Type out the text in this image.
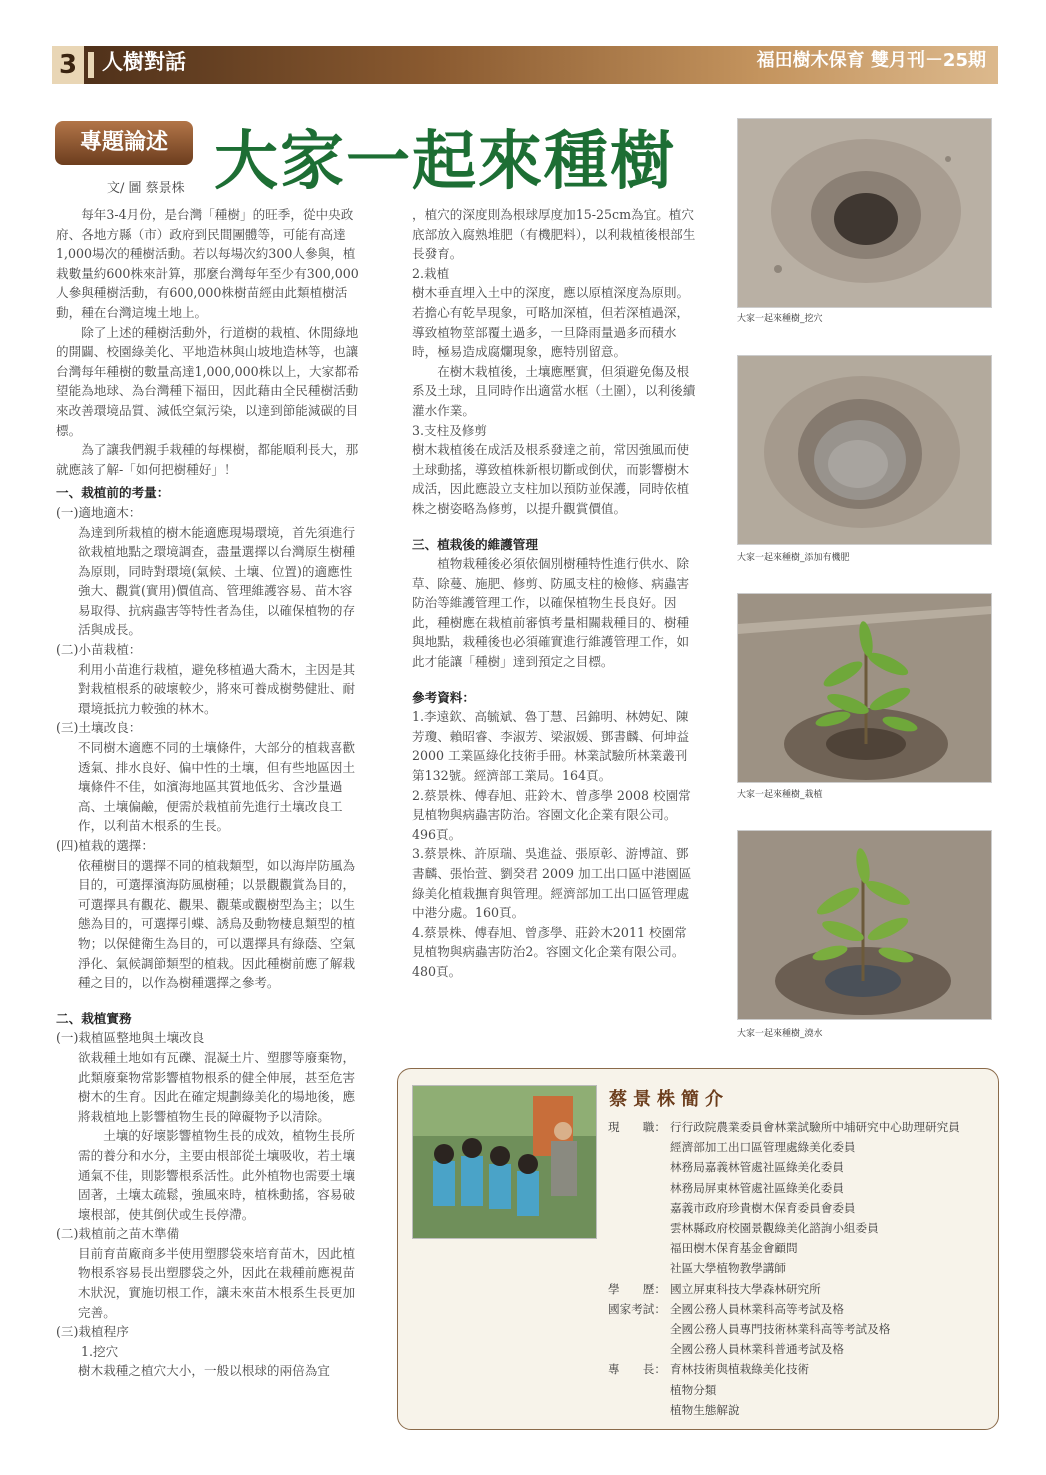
3	人樹對話	福田樹木保育 雙月刊－25期
專題論述 大家一起來種樹
文/ 圖 蔡景株

每年3-4月份，是台灣「種樹」的旺季，從中央政府、各地方縣（市）政府到民間團體等，可能有高達1,000場次的種樹活動。若以每場次約300人參與，植栽數量約600株來計算，那麼台灣每年至少有300,000人參與種樹活動，有600,000株樹苗經由此類植樹活動，種在台灣這塊土地上。

除了上述的種樹活動外，行道樹的栽植、休閒綠地的開闢、校園綠美化、平地造林與山坡地造林等，也讓台灣每年種樹的數量高達1,000,000株以上，大家都希望能為地球、為台灣種下福田，因此藉由全民種樹活動來改善環境品質、減低空氣污染，以達到節能減碳的目標。

為了讓我們親手栽種的每棵樹，都能順利長大，那就應該了解-「如何把樹種好」！

一、栽植前的考量：

(一)適地適木：

為達到所栽植的樹木能適應現場環境，首先須進行欲栽植地點之環境調查，盡量選擇以台灣原生樹種為原則，同時對環境(氣候、土壤、位置)的適應性強大、觀賞(實用)價值高、管理維護容易、苗木容易取得、抗病蟲害等特性者為佳，以確保植物的存活與成長。

(二)小苗栽植：

利用小苗進行栽植，避免移植過大喬木，主因是其對栽植根系的破壞較少，將來可養成樹勢健壯、耐環境抵抗力較強的林木。

(三)土壤改良：

不同樹木適應不同的土壤條件，大部分的植栽喜歡透氣、排水良好、偏中性的土壤，但有些地區因土壤條件不佳，如濱海地區其質地低劣、含沙量過高、土壤偏鹼，便需於栽植前先進行土壤改良工作，以利苗木根系的生長。

(四)植栽的選擇：

依種樹目的選擇不同的植栽類型，如以海岸防風為目的，可選擇濱海防風樹種；以景觀觀賞為目的，可選擇具有觀花、觀果、觀葉或觀樹型為主；以生態為目的，可選擇引蝶、誘鳥及動物棲息類型的植物；以保健衛生為目的，可以選擇具有綠蔭、空氣淨化、氣候調節類型的植栽。因此種樹前應了解栽種之目的，以作為樹種選擇之參考。

二、栽植實務

(一)栽植區整地與土壤改良

欲栽種土地如有瓦礫、混凝土片、塑膠等廢棄物，此類廢棄物常影響植物根系的健全伸展，甚至危害樹木的生育。因此在確定規劃綠美化的場地後，應將栽植地上影響植物生長的障礙物予以清除。

土壤的好壞影響植物生長的成效，植物生長所需的養分和水分，主要由根部從土壤吸收，若土壤通氣不佳，則影響根系活性。此外植物也需要土壤固著，土壤太疏鬆，強風來時，植株動搖，容易破壞根部，使其倒伏或生長停滯。

(二)栽植前之苗木準備

目前育苗廠商多半使用塑膠袋來培育苗木，因此植物根系容易長出塑膠袋之外，因此在栽種前應視苗木狀況，實施切根工作，讓未來苗木根系生長更加完善。

(三)栽植程序

1.挖穴

樹木栽種之植穴大小，一般以根球的兩倍為宜

，植穴的深度則為根球厚度加15-25cm為宜。植穴底部放入腐熟堆肥（有機肥料），以利栽植後根部生長發育。

2.栽植

樹木垂直埋入土中的深度，應以原植深度為原則。若擔心有乾旱現象，可略加深植，但若深植過深，導致植物莖部覆土過多，一旦降雨量過多而積水時，極易造成腐爛現象，應特別留意。

在樹木栽植後，土壤應壓實，但須避免傷及根系及土球，且同時作出適當水框（土圍），以利後續灌水作業。

3.支柱及修剪

樹木栽植後在成活及根系發達之前，常因強風而使土球動搖，導致植株新根切斷或倒伏，而影響樹木成活，因此應設立支柱加以預防並保護，同時依植株之樹姿略為修剪，以提升觀賞價值。

三、植栽後的維護管理

植物栽種後必須依個別樹種特性進行供水、除草、除蔓、施肥、修剪、防風支柱的檢修、病蟲害防治等維護管理工作，以確保植物生長良好。因此，種樹應在栽植前審慎考量相關栽種目的、樹種與地點，栽種後也必須確實進行維護管理工作，如此才能讓「種樹」達到預定之目標。

參考資料：

1.李遠欽、高毓斌、魯丁慧、呂錦明、林娉妃、陳芳瓊、賴昭睿、李淑芳、梁淑媛、鄧書麟、何坤益 2000 工業區綠化技術手冊。林業試驗所林業叢刊第132號。經濟部工業局。164頁。

2.蔡景株、傅春旭、莊鈴木、曾彥學 2008 校園常見植物與病蟲害防治。容園文化企業有限公司。496頁。

3.蔡景株、許原瑞、吳進益、張原彰、游博誼、鄧書麟、張怡萱、劉癸君 2009 加工出口區中港園區綠美化植栽撫育與管理。經濟部加工出口區管理處中港分處。160頁。

4.蔡景株、傅春旭、曾彥學、莊鈴木2011 校園常見植物與病蟲害防治2。容園文化企業有限公司。480頁。

大家一起來種樹_挖穴
大家一起來種樹_添加有機肥
大家一起來種樹_栽植
大家一起來種樹_澆水
蔡景株簡介
現　　職： 行行政院農業委員會林業試驗所中埔研究中心助理研究員
經濟部加工出口區管理處綠美化委員
林務局嘉義林管處社區綠美化委員
林務局屏東林管處社區綠美化委員
嘉義市政府珍貴樹木保育委員會委員
雲林縣政府校園景觀綠美化諮詢小組委員
福田樹木保育基金會顧問
社區大學植物教學講師
學　　歷： 國立屏東科技大學森林研究所
國家考試： 全國公務人員林業科高等考試及格
全國公務人員專門技術林業科高等考試及格
全國公務人員林業科普通考試及格
專　　長： 育林技術與植栽綠美化技術
植物分類
植物生態解說
